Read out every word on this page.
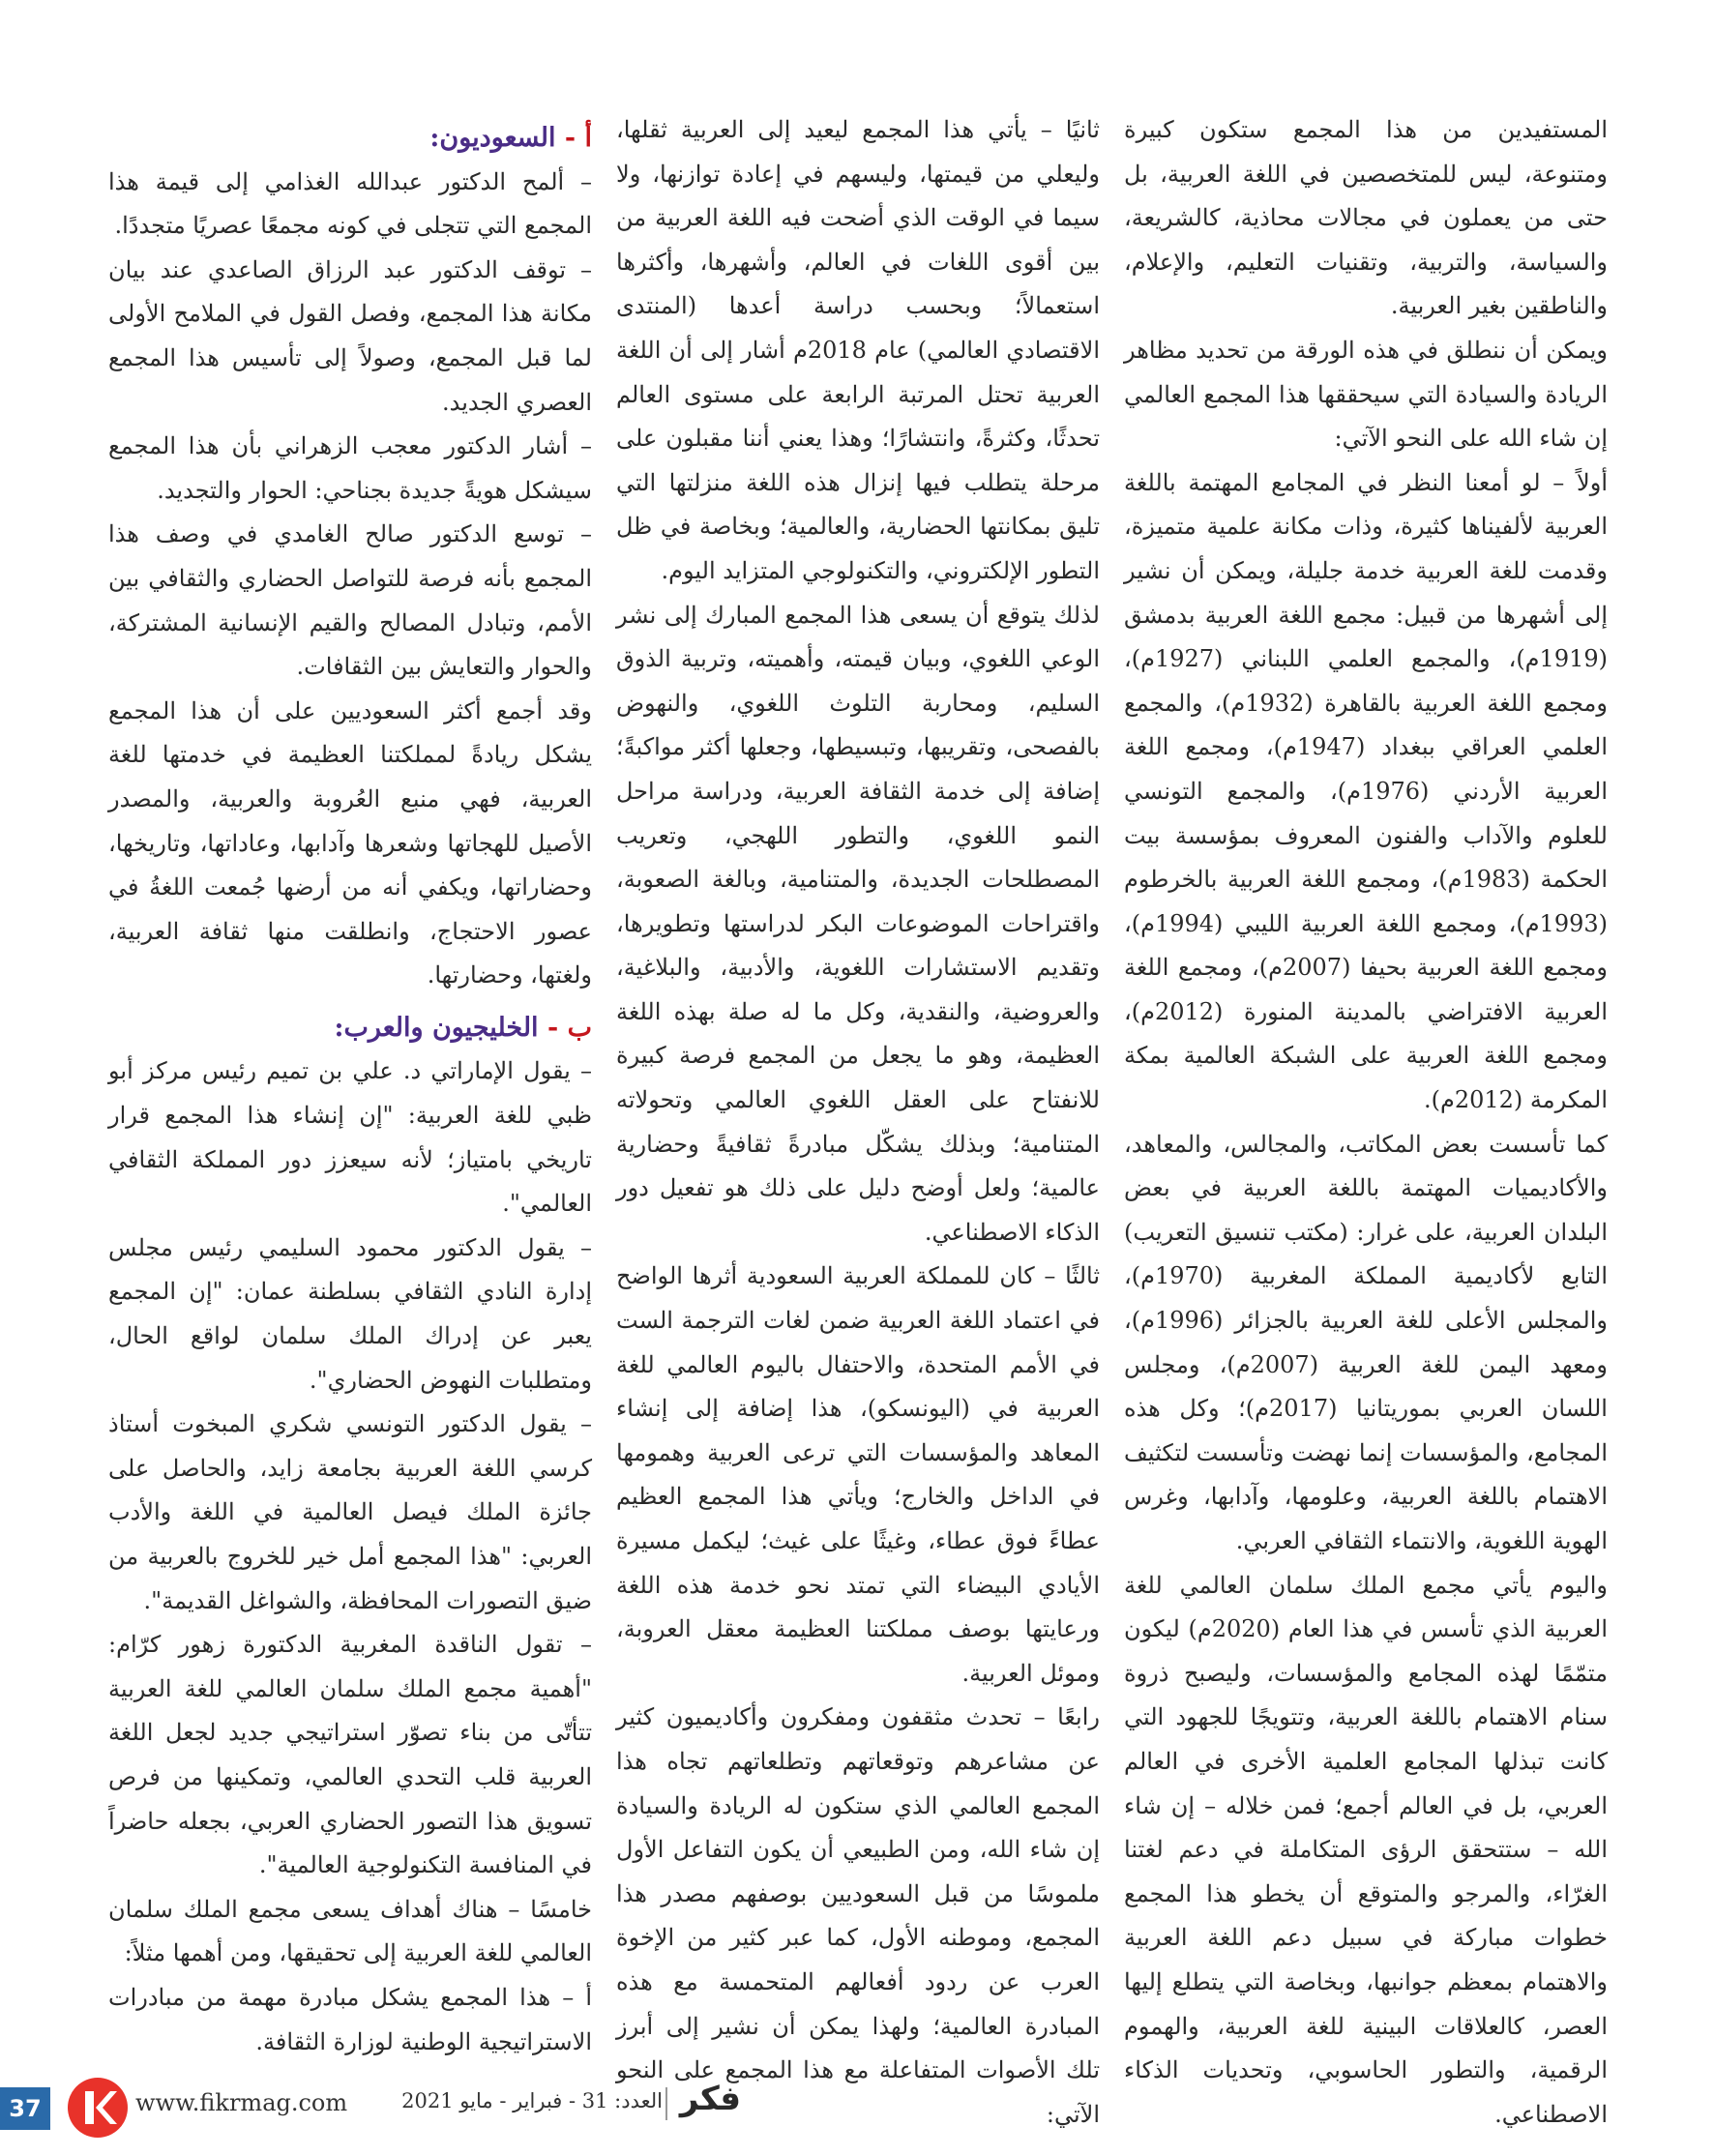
المستفيدين من هذا المجمع ستكون كبيرة ومتنوعة، ليس للمتخصصين في اللغة العربية، بل حتى من يعملون في مجالات محاذية، كالشريعة، والسياسة، والتربية، وتقنيات التعليم، والإعلام، والناطقين بغير العربية.

ويمكن أن ننطلق في هذه الورقة من تحديد مظاهر الريادة والسيادة التي سيحققها هذا المجمع العالمي إن شاء الله على النحو الآتي:

أولاً – لو أمعنا النظر في المجامع المهتمة باللغة العربية لألفيناها كثيرة، وذات مكانة علمية متميزة، وقدمت للغة العربية خدمة جليلة، ويمكن أن نشير إلى أشهرها من قبيل: مجمع اللغة العربية بدمشق (1919م)، والمجمع العلمي اللبناني (1927م)، ومجمع اللغة العربية بالقاهرة (1932م)، والمجمع العلمي العراقي ببغداد (1947م)، ومجمع اللغة العربية الأردني (1976م)، والمجمع التونسي للعلوم والآداب والفنون المعروف بمؤسسة بيت الحكمة (1983م)، ومجمع اللغة العربية بالخرطوم (1993م)، ومجمع اللغة العربية الليبي (1994م)، ومجمع اللغة العربية بحيفا (2007م)، ومجمع اللغة العربية الافتراضي بالمدينة المنورة (2012م)، ومجمع اللغة العربية على الشبكة العالمية بمكة المكرمة (2012م).

كما تأسست بعض المكاتب، والمجالس، والمعاهد، والأكاديميات المهتمة باللغة العربية في بعض البلدان العربية، على غرار: (مكتب تنسيق التعريب) التابع لأكاديمية المملكة المغربية (1970م)، والمجلس الأعلى للغة العربية بالجزائر (1996م)، ومعهد اليمن للغة العربية (2007م)، ومجلس اللسان العربي بموريتانيا (2017م)؛ وكل هذه المجامع، والمؤسسات إنما نهضت وتأسست لتكثيف الاهتمام باللغة العربية، وعلومها، وآدابها، وغرس الهوية اللغوية، والانتماء الثقافي العربي.

واليوم يأتي مجمع الملك سلمان العالمي للغة العربية الذي تأسس في هذا العام (2020م) ليكون متمّمًا لهذه المجامع والمؤسسات، وليصبح ذروة سنام الاهتمام باللغة العربية، وتتويجًا للجهود التي كانت تبذلها المجامع العلمية الأخرى في العالم العربي، بل في العالم أجمع؛ فمن خلاله – إن شاء الله – ستتحقق الرؤى المتكاملة في دعم لغتنا الغرّاء، والمرجو والمتوقع أن يخطو هذا المجمع خطوات مباركة في سبيل دعم اللغة العربية والاهتمام بمعظم جوانبها، وبخاصة التي يتطلع إليها العصر، كالعلاقات البينية للغة العربية، والهموم الرقمية، والتطور الحاسوبي، وتحديات الذكاء الاصطناعي.

ثانيًا – يأتي هذا المجمع ليعيد إلى العربية ثقلها، وليعلي من قيمتها، وليسهم في إعادة توازنها، ولا سيما في الوقت الذي أضحت فيه اللغة العربية من بين أقوى اللغات في العالم، وأشهرها، وأكثرها استعمالاً؛ وبحسب دراسة أعدها (المنتدى الاقتصادي العالمي) عام 2018م أشار إلى أن اللغة العربية تحتل المرتبة الرابعة على مستوى العالم تحدثًا، وكثرةً، وانتشارًا؛ وهذا يعني أننا مقبلون على مرحلة يتطلب فيها إنزال هذه اللغة منزلتها التي تليق بمكانتها الحضارية، والعالمية؛ وبخاصة في ظل التطور الإلكتروني، والتكنولوجي المتزايد اليوم.

لذلك يتوقع أن يسعى هذا المجمع المبارك إلى نشر الوعي اللغوي، وبيان قيمته، وأهميته، وتربية الذوق السليم، ومحاربة التلوث اللغوي، والنهوض بالفصحى، وتقريبها، وتبسيطها، وجعلها أكثر مواكبةً؛ إضافة إلى خدمة الثقافة العربية، ودراسة مراحل النمو اللغوي، والتطور اللهجي، وتعريب المصطلحات الجديدة، والمتنامية، وبالغة الصعوبة، واقتراحات الموضوعات البكر لدراستها وتطويرها، وتقديم الاستشارات اللغوية، والأدبية، والبلاغية، والعروضية، والنقدية، وكل ما له صلة بهذه اللغة العظيمة، وهو ما يجعل من المجمع فرصة كبيرة للانفتاح على العقل اللغوي العالمي وتحولاته المتنامية؛ وبذلك يشكّل مبادرةً ثقافيةً وحضارية عالمية؛ ولعل أوضح دليل على ذلك هو تفعيل دور الذكاء الاصطناعي.

ثالثًا – كان للمملكة العربية السعودية أثرها الواضح في اعتماد اللغة العربية ضمن لغات الترجمة الست في الأمم المتحدة، والاحتفال باليوم العالمي للغة العربية في (اليونسكو)، هذا إضافة إلى إنشاء المعاهد والمؤسسات التي ترعى العربية وهمومها في الداخل والخارج؛ ويأتي هذا المجمع العظيم عطاءً فوق عطاء، وغيثًا على غيث؛ ليكمل مسيرة الأيادي البيضاء التي تمتد نحو خدمة هذه اللغة ورعايتها بوصف مملكتنا العظيمة معقل العروبة، وموئل العربية.

رابعًا – تحدث مثقفون ومفكرون وأكاديميون كثير عن مشاعرهم وتوقعاتهم وتطلعاتهم تجاه هذا المجمع العالمي الذي ستكون له الريادة والسيادة إن شاء الله، ومن الطبيعي أن يكون التفاعل الأول ملموسًا من قبل السعوديين بوصفهم مصدر هذا المجمع، وموطنه الأول، كما عبر كثير من الإخوة العرب عن ردود أفعالهم المتحمسة مع هذه المبادرة العالمية؛ ولهذا يمكن أن نشير إلى أبرز تلك الأصوات المتفاعلة مع هذا المجمع على النحو الآتي:

أ - السعوديون:

– ألمح الدكتور عبدالله الغذامي إلى قيمة هذا المجمع التي تتجلى في كونه مجمعًا عصريًا متجددًا.

– توقف الدكتور عبد الرزاق الصاعدي عند بيان مكانة هذا المجمع، وفصل القول في الملامح الأولى لما قبل المجمع، وصولاً إلى تأسيس هذا المجمع العصري الجديد.

– أشار الدكتور معجب الزهراني بأن هذا المجمع سيشكل هويةً جديدة بجناحي: الحوار والتجديد.

– توسع الدكتور صالح الغامدي في وصف هذا المجمع بأنه فرصة للتواصل الحضاري والثقافي بين الأمم، وتبادل المصالح والقيم الإنسانية المشتركة، والحوار والتعايش بين الثقافات.

وقد أجمع أكثر السعوديين على أن هذا المجمع يشكل ريادةً لمملكتنا العظيمة في خدمتها للغة العربية، فهي منبع العُروبة والعربية، والمصدر الأصيل للهجاتها وشعرها وآدابها، وعاداتها، وتاريخها، وحضاراتها، ويكفي أنه من أرضها جُمعت اللغةُ في عصور الاحتجاج، وانطلقت منها ثقافة العربية، ولغتها، وحضارتها.

ب - الخليجيون والعرب:

– يقول الإماراتي د. علي بن تميم رئيس مركز أبو ظبي للغة العربية: "إن إنشاء هذا المجمع قرار تاريخي بامتياز؛ لأنه سيعزز دور المملكة الثقافي العالمي".

– يقول الدكتور محمود السليمي رئيس مجلس إدارة النادي الثقافي بسلطنة عمان: "إن المجمع يعبر عن إدراك الملك سلمان لواقع الحال، ومتطلبات النهوض الحضاري".

– يقول الدكتور التونسي شكري المبخوت أستاذ كرسي اللغة العربية بجامعة زايد، والحاصل على جائزة الملك فيصل العالمية في اللغة والأدب العربي: "هذا المجمع أمل خير للخروج بالعربية من ضيق التصورات المحافظة، والشواغل القديمة".

– تقول الناقدة المغربية الدكتورة زهور كرّام: "أهمية مجمع الملك سلمان العالمي للغة العربية تتأتّى من بناء تصوّر استراتيجي جديد لجعل اللغة العربية قلب التحدي العالمي، وتمكينها من فرص تسويق هذا التصور الحضاري العربي، بجعله حاضراً في المنافسة التكنولوجية العالمية".

خامسًا – هناك أهداف يسعى مجمع الملك سلمان العالمي للغة العربية إلى تحقيقها، ومن أهمها مثلاً:

أ – هذا المجمع يشكل مبادرة مهمة من مبادرات الاستراتيجية الوطنية لوزارة الثقافة.

37	www.fikrmag.com	العدد: 31 - فبراير - مايو 2021 فكر
